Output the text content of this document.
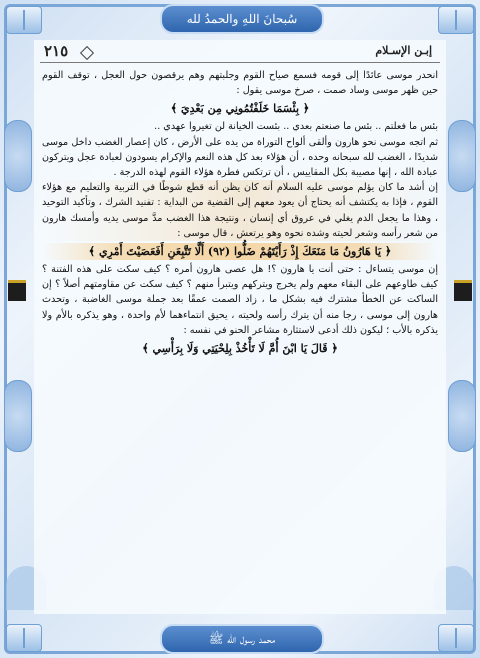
سُبحانَ اللهِ والحمدُ لله
محمد رسول الله ﷺ
٢١٥	إبـن الإسـلام

انحدر موسى عائدًا إلى قومه فسمع صياح القوم وجلبتهم وهم يرقصون حول العجل ، توقف القوم حين ظهر موسى وساد صمت ، صرخ موسى يقول :

﴿ بِئْسَمَا خَلَفْتُمُونِي مِن بَعْدِيَ ﴾

بئس ما فعلتم .. بئس ما صنعتم بعدي .. بئست الخيانة لن تغيروا عهدي ..

ثم اتجه موسى نحو هارون وألقى ألواح التوراة من يده على الأرض ، كان إعصار الغضب داخل موسى شديدًا ، الغضب لله سبحانه وحده ، أن هؤلاء بعد كل هذه النعم والإكرام يسودون لعبادة عجل ويتركون عبادة الله ، إنها مصيبة بكل المقاييس ، أن ترتكس فطرة هؤلاء القوم لهذه الدرجة .

إن أشد ما كان يؤلم موسى عليه السلام أنه كان يظن أنه قطع شوطًا في التربية والتعليم مع هؤلاء القوم ، فإذا به يكتشف أنه يحتاج أن يعود معهم إلى القضية من البداية : تفنيد الشرك ، وتأكيد التوحيد ، وهذا ما يجعل الدم يغلي في عروق أي إنسان ، ونتيجة هذا الغضب مدَّ موسى يديه وأمسك هارون من شعر رأسه وشعر لحيته وشده نحوه وهو يرتعش ، قال موسى :

﴿ يَا هَارُونُ مَا مَنَعَكَ إِذْ رَأَيْتَهُمْ ضَلُّوا (٩٢) أَلَّا تَتَّبِعَنِ أَفَعَصَيْتَ أَمْرِي ﴾

إن موسى يتساءل : حتى أنت يا هارون ؟! هل عصى هارون أمره ؟ كيف سكت على هذه الفتنة ؟ كيف طاوعهم على البقاء معهم ولم يخرج ويتركهم ويتبرأ منهم ؟ كيف سكت عن مقاومتهم أصلاً ؟ إن الساكت عن الخطأ مشترك فيه بشكل ما ، زاد الصمت عمقًا بعد جملة موسى الغاضبة ، وتحدث هارون إلى موسى ، رجا منه أن يترك رأسه ولحيته ، يحيق انتماءهما لأم واحدة ، وهو يذكره بالأم ولا يذكره بالأب ؛ ليكون ذلك أدعى لاستثارة مشاعر الحنو في نفسه :

﴿ قَالَ يَا ابْنَ أُمَّ لَا تَأْخُذْ بِلِحْيَتِي وَلَا بِرَأْسِي ﴾
